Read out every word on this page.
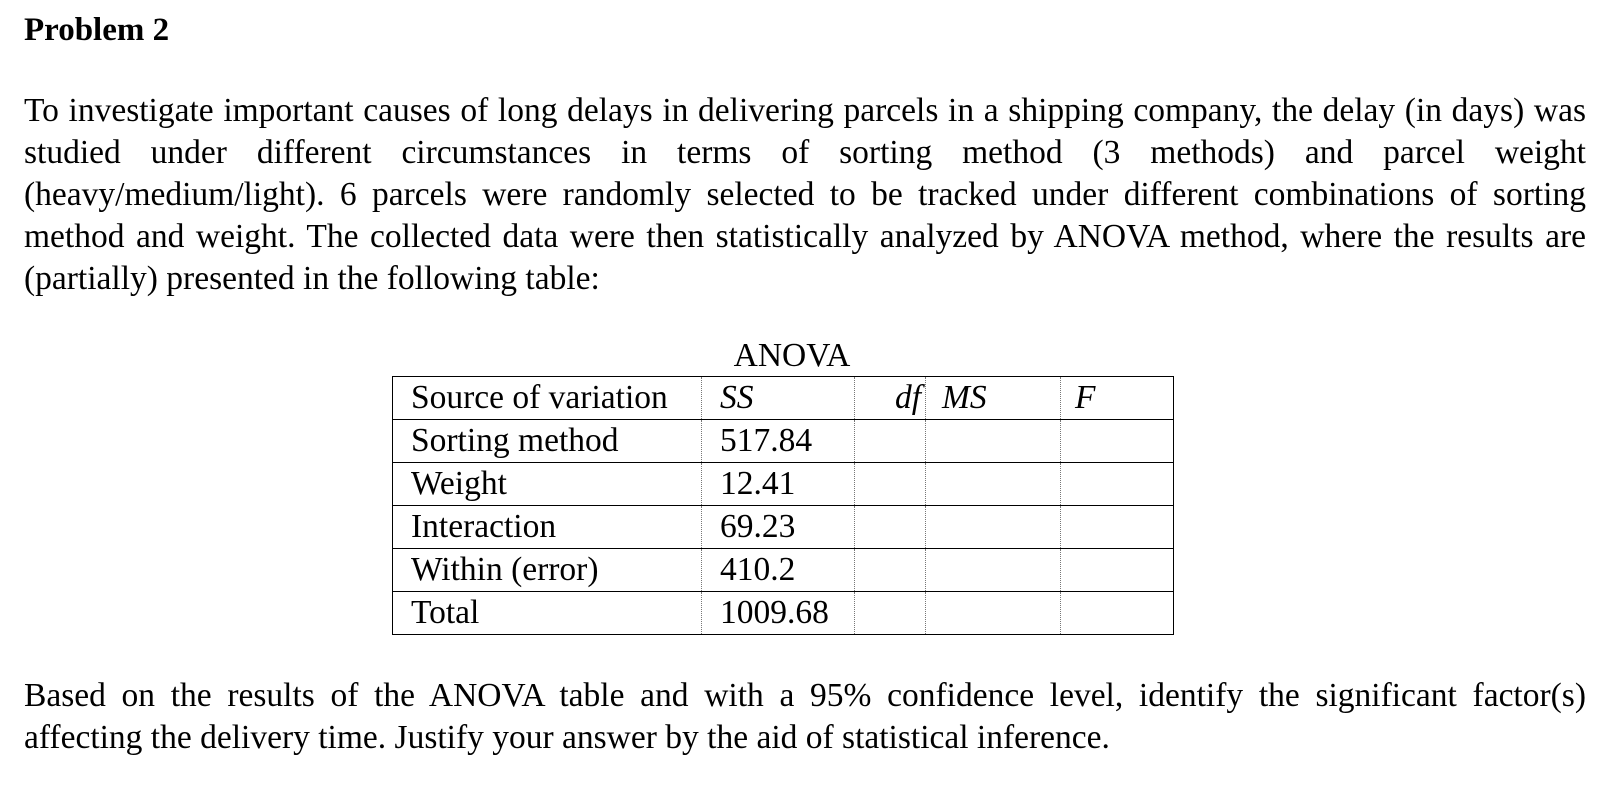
Problem 2

To investigate important causes of long delays in delivering parcels in a shipping company, the delay (in days) was studied under different circumstances in terms of sorting method (3 methods) and parcel weight (heavy/medium/light). 6 parcels were randomly selected to be tracked under different combinations of sorting method and weight. The collected data were then statistically analyzed by ANOVA method, where the results are (partially) presented in the following table:

ANOVA
Source of variation	SS	df	MS	F
Sorting method	517.84			
Weight	12.41			
Interaction	69.23			
Within (error)	410.2			
Total	1009.68			

Based on the results of the ANOVA table and with a 95% confidence level, identify the significant factor(s) affecting the delivery time. Justify your answer by the aid of statistical inference.
